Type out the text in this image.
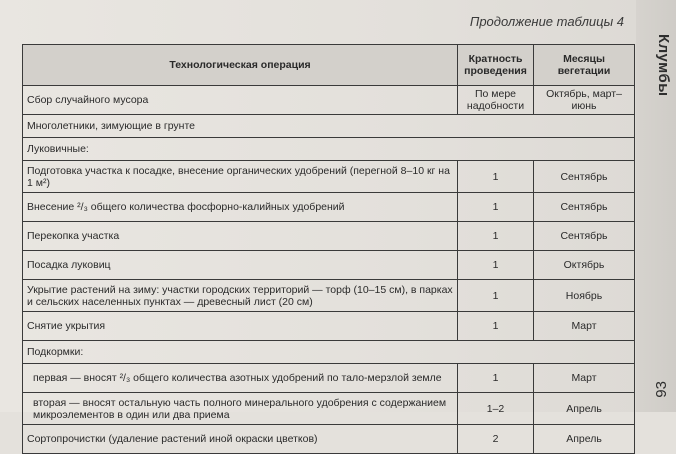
Продолжение таблицы 4
Технологическая операция	Кратность проведения	Месяцы вегетации
Сбор случайного мусора	По мере надобности	Октябрь, март–июнь
Многолетники, зимующие в грунте		
Луковичные:		
Подготовка участка к посадке, внесение органических удобрений (перегной 8–10 кг на 1 м²)	1	Сентябрь
Внесение ²/₃ общего количества фосфорно-калийных удобрений	1	Сентябрь
Перекопка участка	1	Сентябрь
Посадка луковиц	1	Октябрь
Укрытие растений на зиму: участки городских территорий — торф (10–15 см), в парках и сельских населенных пунктах — древесный лист (20 см)	1	Ноябрь
Снятие укрытия	1	Март
Подкормки:		
первая — вносят ²/₃ общего количества азотных удобрений по тало-мерзлой земле	1	Март
вторая — вносят остальную часть полного минерального удобрения с содержанием микроэлементов в один или два приема	1–2	Апрель
Сортопрочистки (удаление растений иной окраски цветков)	2	Апрель
Клумбы
93
